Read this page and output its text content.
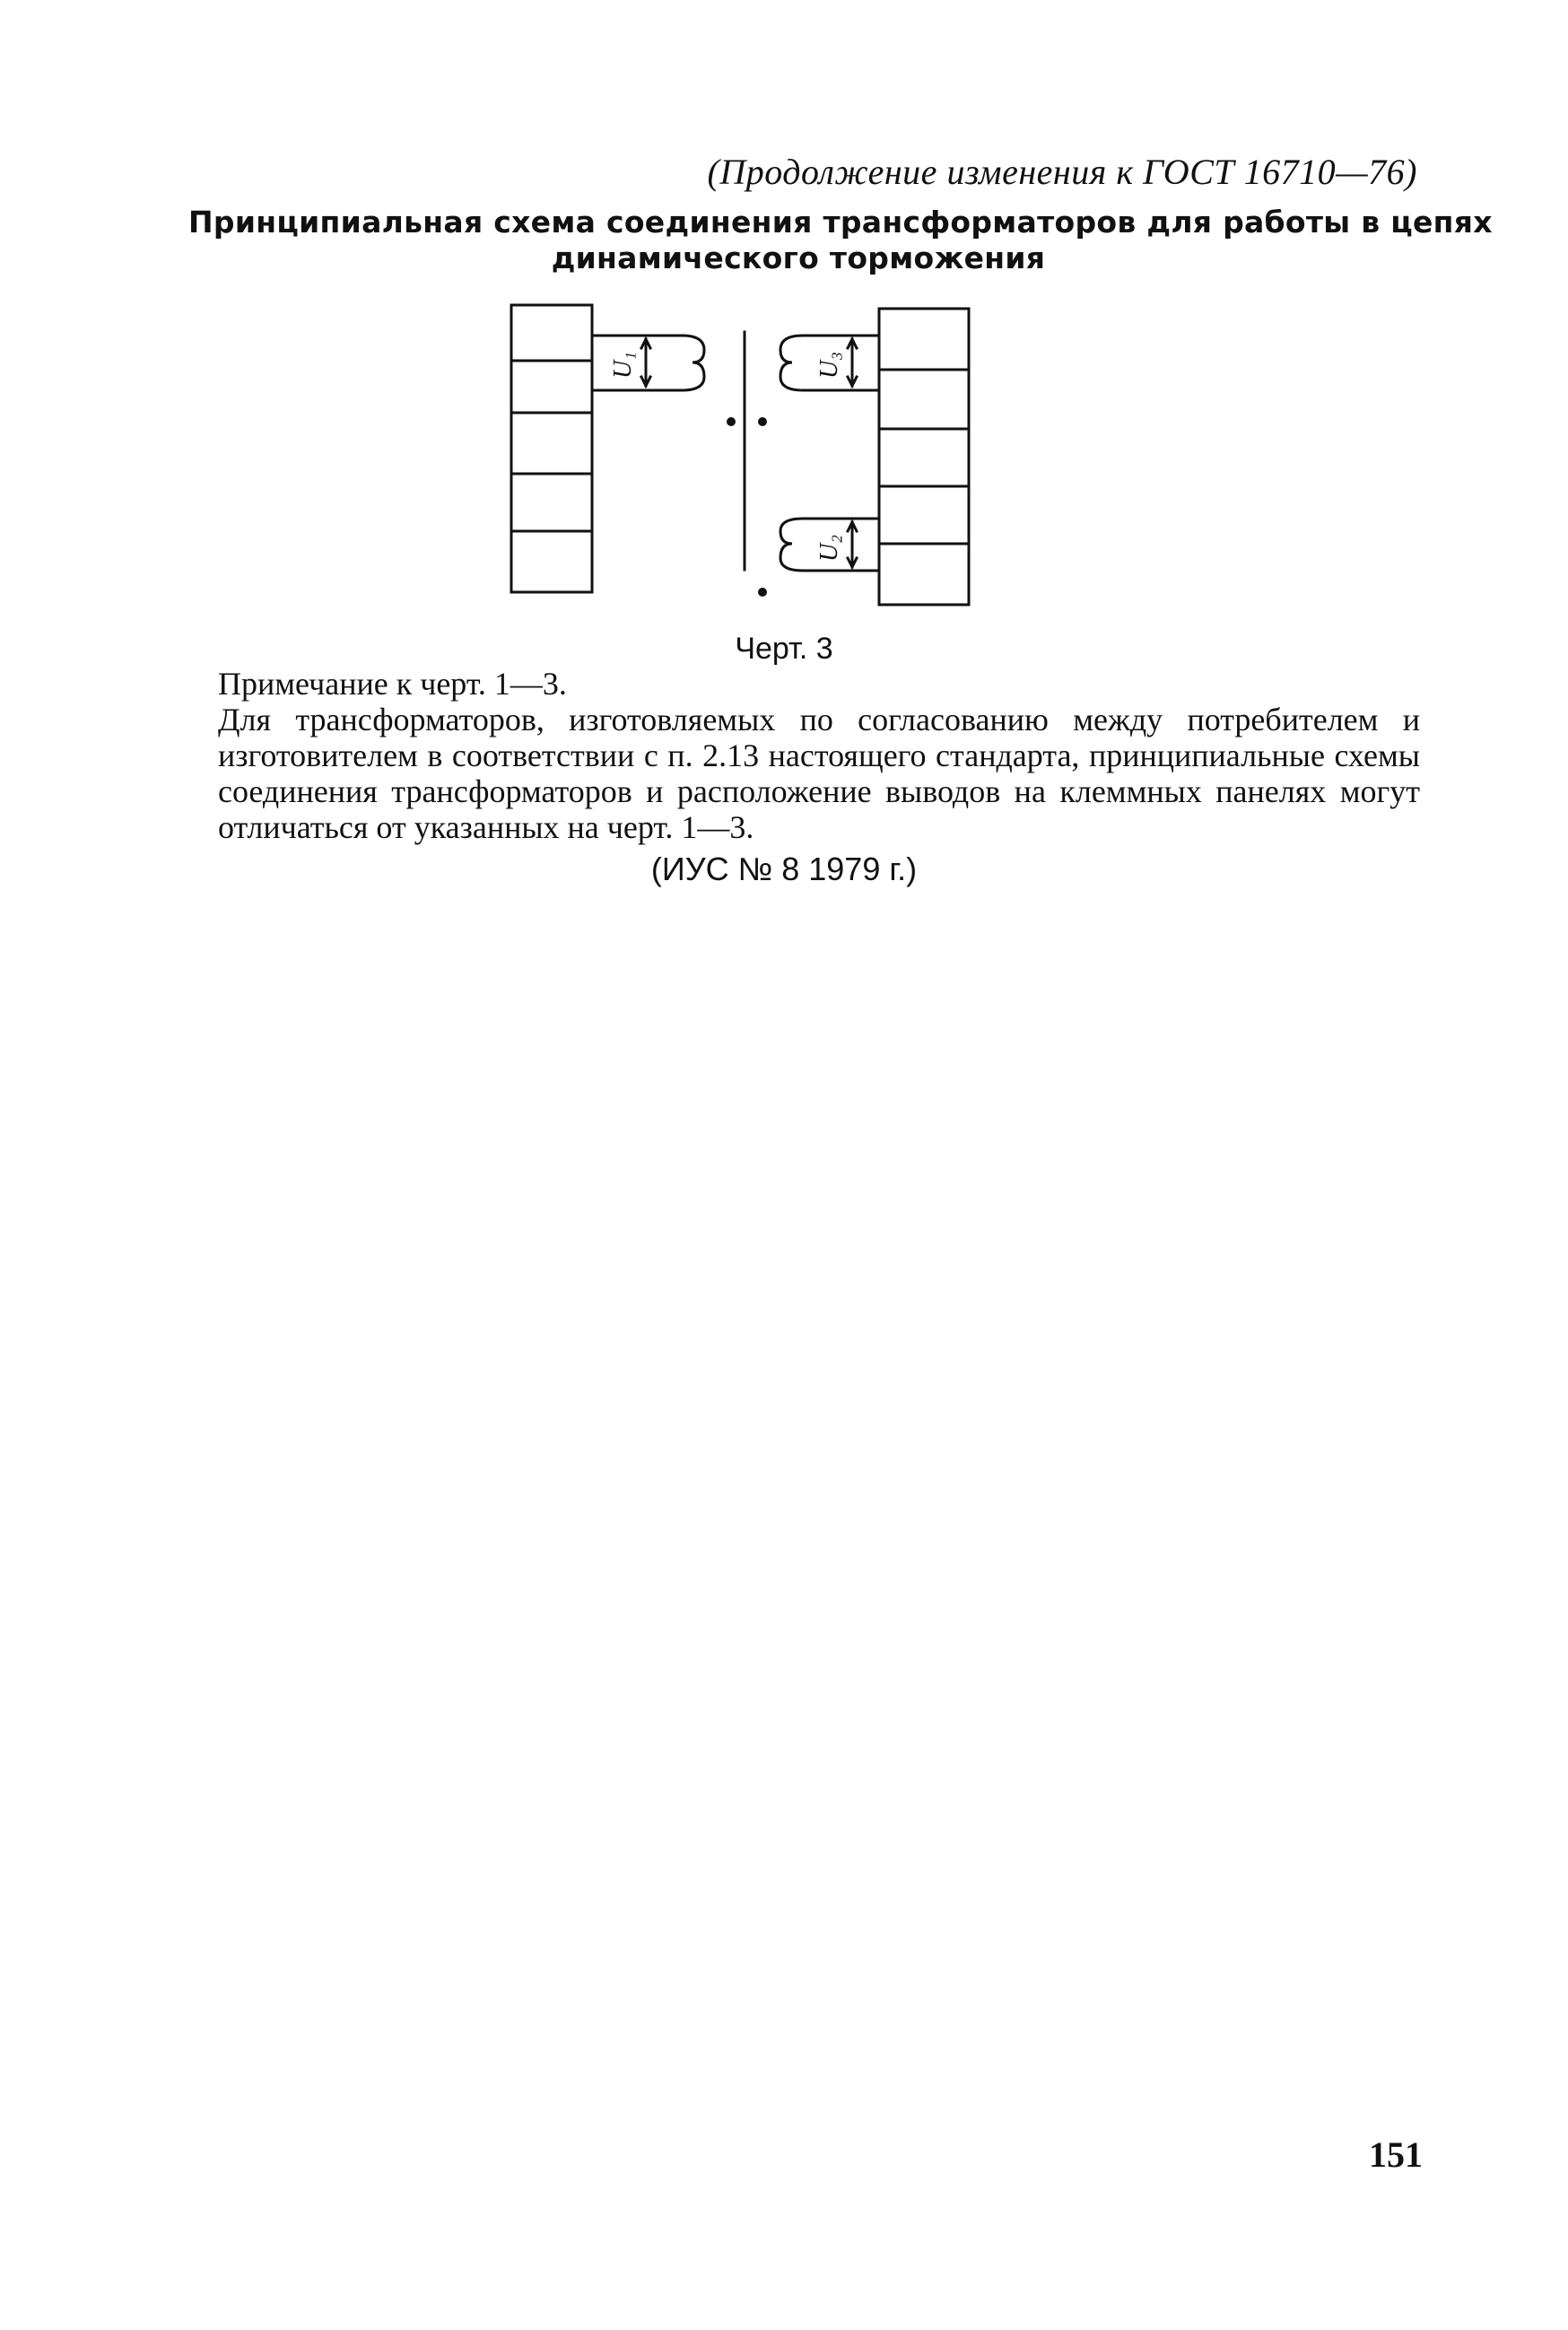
(Продолжение изменения к ГОСТ 16710—76)
Принципиальная схема соединения трансформаторов для работы в цепях
динамического торможения
U₁	U₃
U₂
Черт. 3
Примечание к черт. 1—3.
Для трансформаторов, изготовляемых по согласованию между потребителем и изготовителем в соответствии с п. 2.13 настоящего стандарта, принципиальные схемы соединения трансформаторов и расположение выводов на клеммных панелях могут отличаться от указанных на черт. 1—3.
(ИУС № 8 1979 г.)
151
